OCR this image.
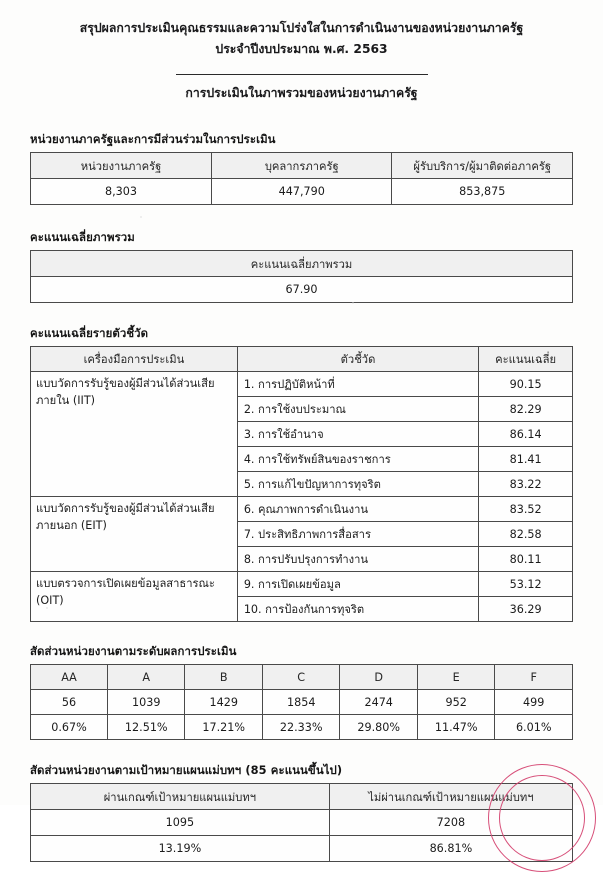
สรุปผลการประเมินคุณธรรมและความโปร่งใสในการดำเนินงานของหน่วยงานภาครัฐ
ประจำปีงบประมาณ พ.ศ. 2563
การประเมินในภาพรวมของหน่วยงานภาครัฐ
หน่วยงานภาครัฐและการมีส่วนร่วมในการประเมิน
หน่วยงานภาครัฐ	บุคลากรภาครัฐ	ผู้รับบริการ/ผู้มาติดต่อภาครัฐ
8,303	447,790	853,875
คะแนนเฉลี่ยภาพรวม
คะแนนเฉลี่ยภาพรวม
67.90
คะแนนเฉลี่ยรายตัวชี้วัด
เครื่องมือการประเมิน	ตัวชี้วัด	คะแนนเฉลี่ย

แบบวัดการรับรู้ของผู้มีส่วนได้ส่วนเสีย
ภายใน (IIT)	1. การปฏิบัติหน้าที่	90.15
	2. การใช้งบประมาณ	82.29
	3. การใช้อำนาจ	86.14
	4. การใช้ทรัพย์สินของราชการ	81.41
	5. การแก้ไขปัญหาการทุจริต	83.22

แบบวัดการรับรู้ของผู้มีส่วนได้ส่วนเสีย
ภายนอก (EIT)	6. คุณภาพการดำเนินงาน	83.52
	7. ประสิทธิภาพการสื่อสาร	82.58
	8. การปรับปรุงการทำงาน	80.11

แบบตรวจการเปิดเผยข้อมูลสาธารณะ
(OIT)	9. การเปิดเผยข้อมูล	53.12
	10. การป้องกันการทุจริต	36.29
สัดส่วนหน่วยงานตามระดับผลการประเมิน
AA	A	B	C	D	E	F
56	1039	1429	1854	2474	952	499
0.67%	12.51%	17.21%	22.33%	29.80%	11.47%	6.01%
สัดส่วนหน่วยงานตามเป้าหมายแผนแม่บทฯ (85 คะแนนขึ้นไป)
ผ่านเกณฑ์เป้าหมายแผนแม่บทฯ	ไม่ผ่านเกณฑ์เป้าหมายแผนแม่บทฯ
1095	7208
13.19%	86.81%
